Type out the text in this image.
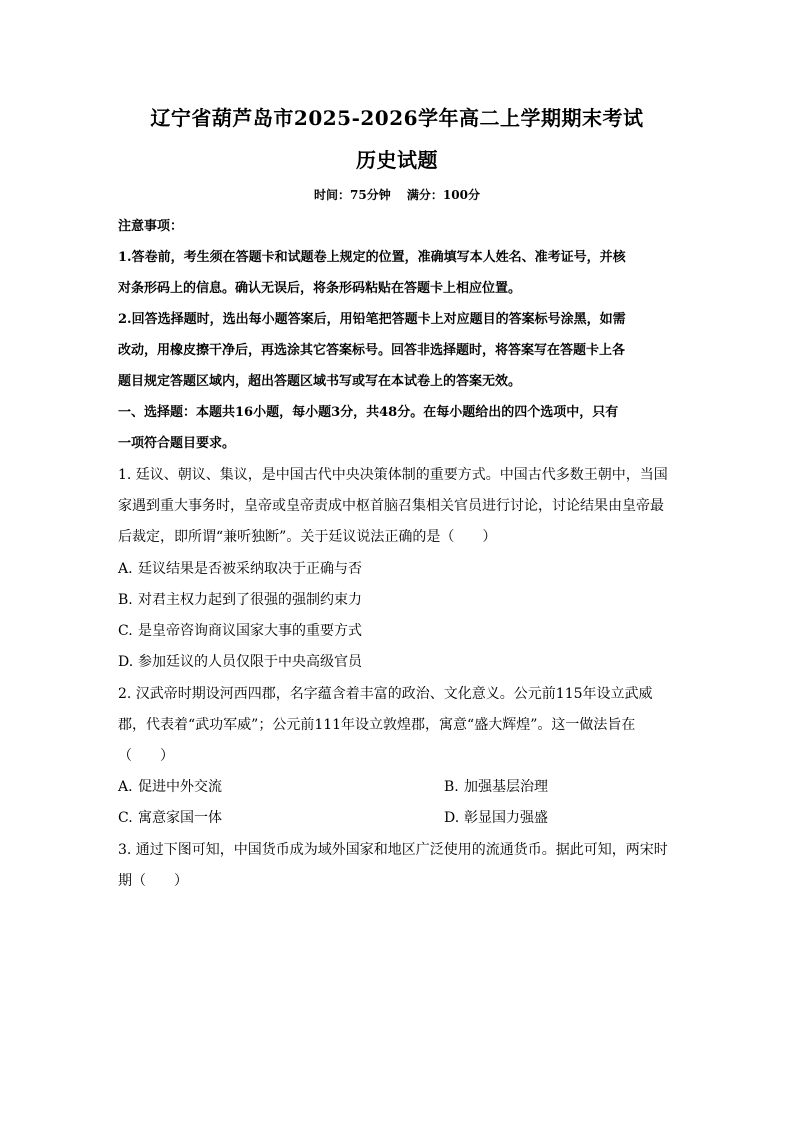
辽宁省葫芦岛市2025-2026学年高二上学期期末考试
历史试题
时间：75分钟 满分：100分
注意事项：
1.答卷前，考生须在答题卡和试题卷上规定的位置，准确填写本人姓名、准考证号，并核
对条形码上的信息。确认无误后，将条形码粘贴在答题卡上相应位置。
2.回答选择题时，选出每小题答案后，用铅笔把答题卡上对应题目的答案标号涂黑，如需
改动，用橡皮擦干净后，再选涂其它答案标号。回答非选择题时，将答案写在答题卡上各
题目规定答题区域内，超出答题区域书写或写在本试卷上的答案无效。
一、选择题：本题共16小题，每小题3分，共48分。在每小题给出的四个选项中，只有
一项符合题目要求。
1. 廷议、朝议、集议，是中国古代中央决策体制的重要方式。中国古代多数王朝中，当国
家遇到重大事务时，皇帝或皇帝责成中枢首脑召集相关官员进行讨论，讨论结果由皇帝最
后裁定，即所谓“兼听独断”。关于廷议说法正确的是（　　）
A. 廷议结果是否被采纳取决于正确与否
B. 对君主权力起到了很强的强制约束力
C. 是皇帝咨询商议国家大事的重要方式
D. 参加廷议的人员仅限于中央高级官员
2. 汉武帝时期设河西四郡，名字蕴含着丰富的政治、文化意义。公元前115年设立武威
郡，代表着“武功军威”；公元前111年设立敦煌郡，寓意“盛大辉煌”。这一做法旨在
（　　）
A. 促进中外交流	B. 加强基层治理
C. 寓意家国一体	D. 彰显国力强盛
3. 通过下图可知，中国货币成为域外国家和地区广泛使用的流通货币。据此可知，两宋时
期（　　）
